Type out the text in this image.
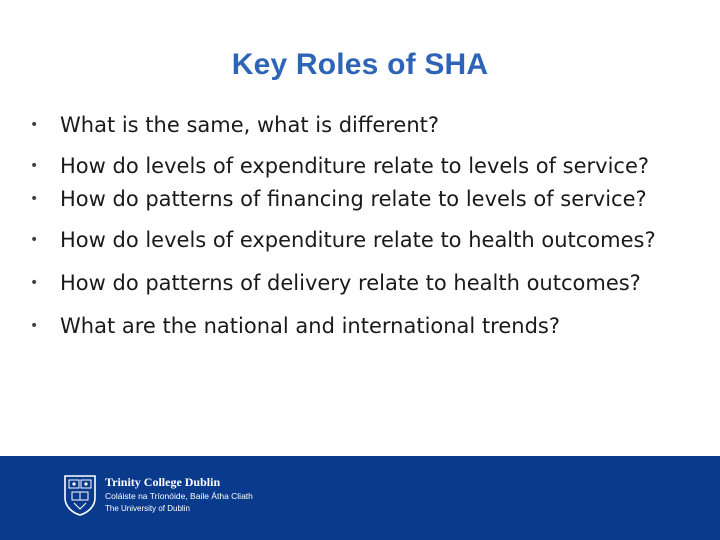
Key Roles of SHA
• What is the same, what is different?
• How do levels of expenditure relate to levels of service?
• How do patterns of financing relate to levels of service?
• How do levels of expenditure relate to health outcomes?
• How do patterns of delivery relate to health outcomes?
• What are the national and international trends?
Trinity College Dublin
Coláiste na Tríonóide, Baile Átha Cliath
The University of Dublin
